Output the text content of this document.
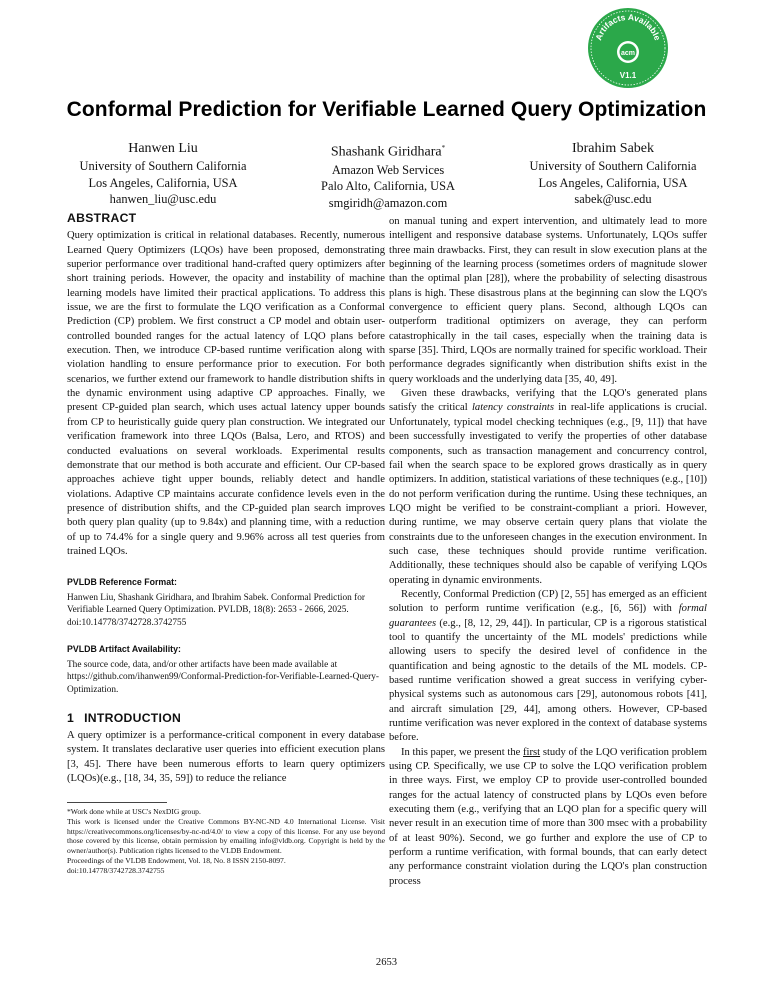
Artifacts Available
acm
V1.1
Conformal Prediction for Verifiable Learned Query Optimization
Hanwen Liu
University of Southern California
Los Angeles, California, USA
hanwen_liu@usc.edu
Shashank Giridhara*
Amazon Web Services
Palo Alto, California, USA
smgiridh@amazon.com
Ibrahim Sabek
University of Southern California
Los Angeles, California, USA
sabek@usc.edu
ABSTRACT

Query optimization is critical in relational databases. Recently, numerous Learned Query Optimizers (LQOs) have been proposed, demonstrating superior performance over traditional hand-crafted query optimizers after short training periods. However, the opacity and instability of machine learning models have limited their practical applications. To address this issue, we are the first to formulate the LQO verification as a Conformal Prediction (CP) problem. We first construct a CP model and obtain user-controlled bounded ranges for the actual latency of LQO plans before execution. Then, we introduce CP-based runtime verification along with violation handling to ensure performance prior to execution. For both scenarios, we further extend our framework to handle distribution shifts in the dynamic environment using adaptive CP approaches. Finally, we present CP-guided plan search, which uses actual latency upper bounds from CP to heuristically guide query plan construction. We integrated our verification framework into three LQOs (Balsa, Lero, and RTOS) and conducted evaluations on several workloads. Experimental results demonstrate that our method is both accurate and efficient. Our CP-based approaches achieve tight upper bounds, reliably detect and handle violations. Adaptive CP maintains accurate confidence levels even in the presence of distribution shifts, and the CP-guided plan search improves both query plan quality (up to 9.84x) and planning time, with a reduction of up to 74.4% for a single query and 9.96% across all test queries from trained LQOs.

PVLDB Reference Format:

Hanwen Liu, Shashank Giridhara, and Ibrahim Sabek. Conformal Prediction for Verifiable Learned Query Optimization. PVLDB, 18(8): 2653 - 2666, 2025.

doi:10.14778/3742728.3742755

PVLDB Artifact Availability:

The source code, data, and/or other artifacts have been made available at

https://github.com/ihanwen99/Conformal-Prediction-for-Verifiable-Learned-Query-Optimization.

1 INTRODUCTION

A query optimizer is a performance-critical component in every database system. It translates declarative user queries into efficient execution plans [3, 45]. There have been numerous efforts to learn query optimizers (LQOs)(e.g., [18, 34, 35, 59]) to reduce the reliance

*Work done while at USC's NexDIG group.

This work is licensed under the Creative Commons BY-NC-ND 4.0 International License. Visit https://creativecommons.org/licenses/by-nc-nd/4.0/ to view a copy of this license. For any use beyond those covered by this license, obtain permission by emailing info@vldb.org. Copyright is held by the owner/author(s). Publication rights licensed to the VLDB Endowment.

Proceedings of the VLDB Endowment, Vol. 18, No. 8 ISSN 2150-8097.

doi:10.14778/3742728.3742755

on manual tuning and expert intervention, and ultimately lead to more intelligent and responsive database systems. Unfortunately, LQOs suffer three main drawbacks. First, they can result in slow execution plans at the beginning of the learning process (sometimes orders of magnitude slower than the optimal plan [28]), where the probability of selecting disastrous plans is high. These disastrous plans at the beginning can slow the LQO's convergence to efficient query plans. Second, although LQOs can outperform traditional optimizers on average, they can perform catastrophically in the tail cases, especially when the training data is sparse [35]. Third, LQOs are normally trained for specific workload. Their performance degrades significantly when distribution shifts exist in the query workloads and the underlying data [35, 40, 49].

Given these drawbacks, verifying that the LQO's generated plans satisfy the critical latency constraints in real-life applications is crucial. Unfortunately, typical model checking techniques (e.g., [9, 11]) that have been successfully investigated to verify the properties of other database components, such as transaction management and concurrency control, fail when the search space to be explored grows drastically as in query optimizers. In addition, statistical variations of these techniques (e.g., [10]) do not perform verification during the runtime. Using these techniques, an LQO might be verified to be constraint-compliant a priori. However, during runtime, we may observe certain query plans that violate the constraints due to the unforeseen changes in the execution environment. In such case, these techniques should provide runtime verification. Additionally, these techniques should also be capable of verifying LQOs operating in dynamic environments.

Recently, Conformal Prediction (CP) [2, 55] has emerged as an efficient solution to perform runtime verification (e.g., [6, 56]) with formal guarantees (e.g., [8, 12, 29, 44]). In particular, CP is a rigorous statistical tool to quantify the uncertainty of the ML models' predictions while allowing users to specify the desired level of confidence in the quantification and being agnostic to the details of the ML models. CP-based runtime verification showed a great success in verifying cyber-physical systems such as autonomous cars [29], autonomous robots [41], and aircraft simulation [29, 44], among others. However, CP-based runtime verification was never explored in the context of database systems before.

In this paper, we present the first study of the LQO verification problem using CP. Specifically, we use CP to solve the LQO verification problem in three ways. First, we employ CP to provide user-controlled bounded ranges for the actual latency of constructed plans by LQOs even before executing them (e.g., verifying that an LQO plan for a specific query will never result in an execution time of more than 300 msec with a probability of at least 90%). Second, we go further and explore the use of CP to perform a runtime verification, with formal bounds, that can early detect any performance constraint violation during the LQO's plan construction process

2653
